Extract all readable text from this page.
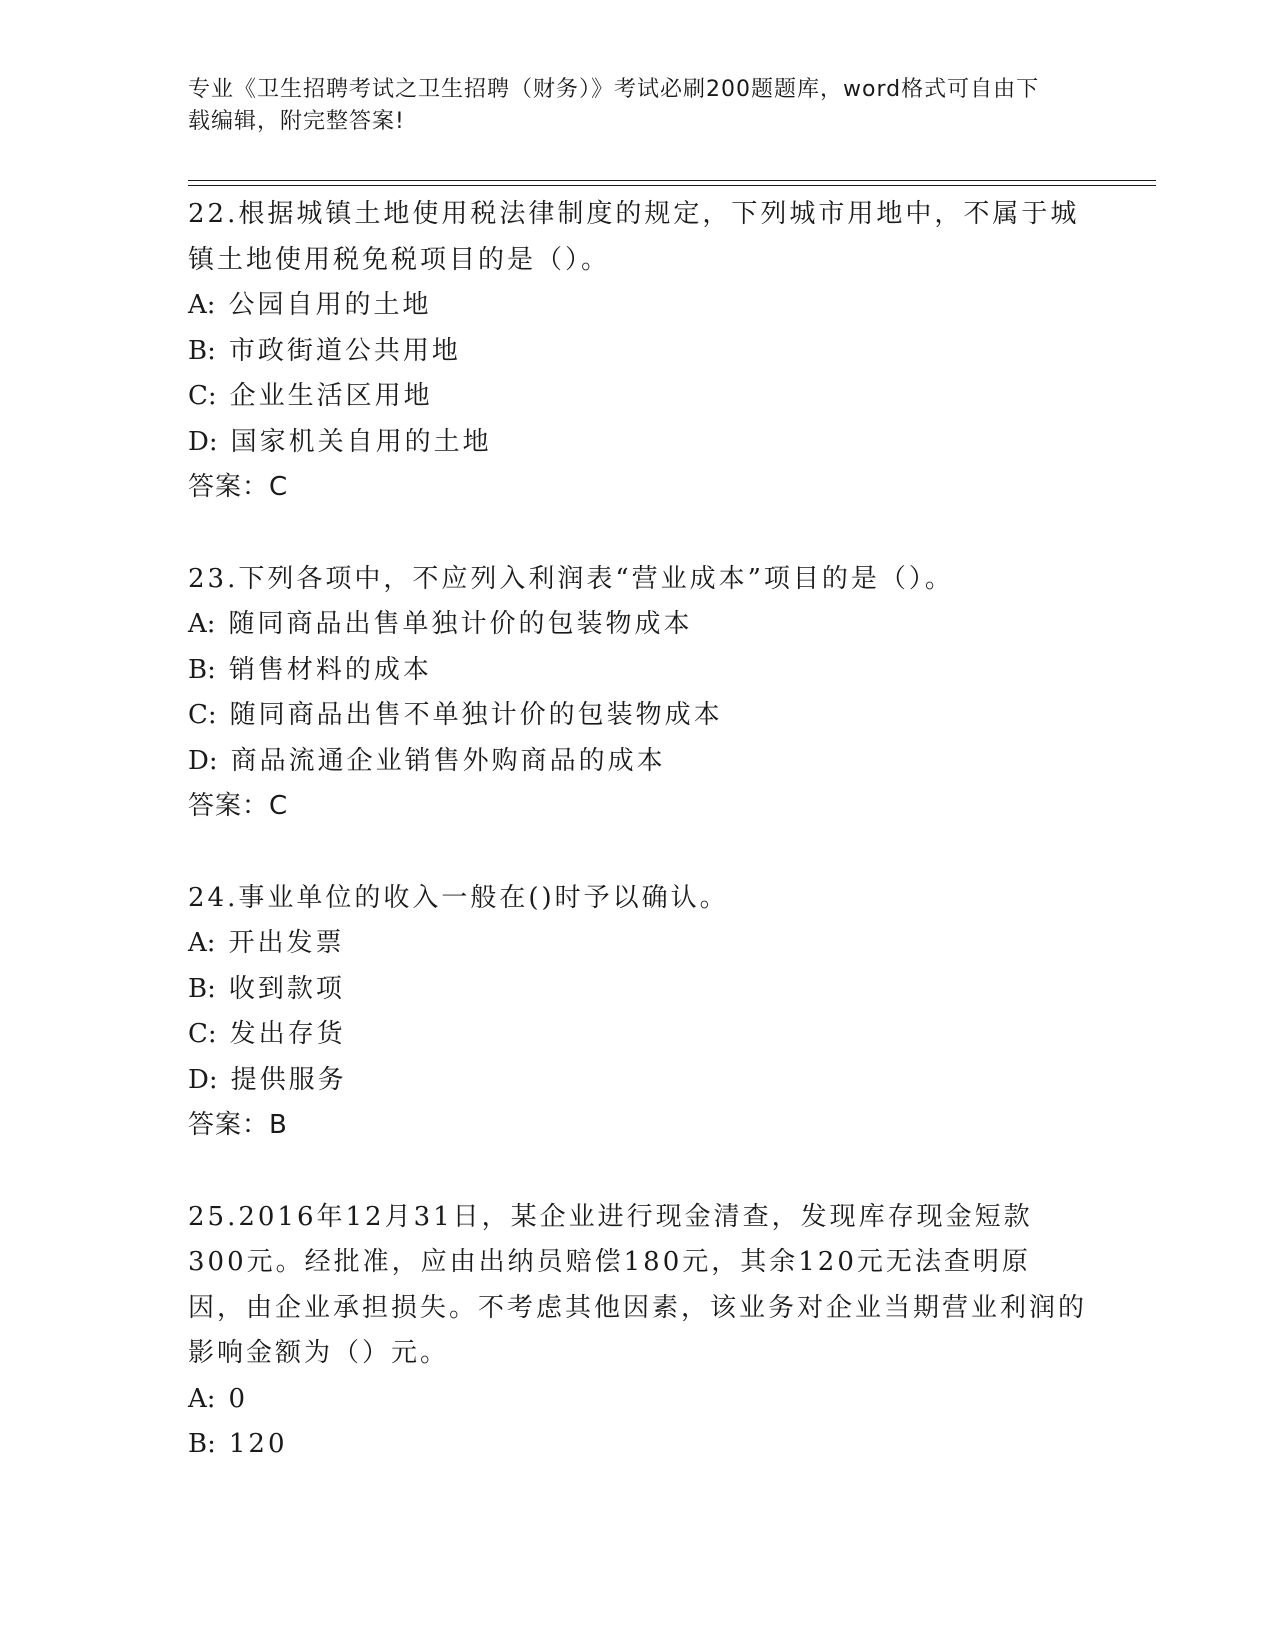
专业《卫生招聘考试之卫生招聘（财务）》考试必刷200题题库，word格式可自由下载编辑，附完整答案!

22.根据城镇土地使用税法律制度的规定，下列城市用地中，不属于城镇土地使用税免税项目的是（）。

A: 公园自用的土地

B: 市政街道公共用地

C: 企业生活区用地

D: 国家机关自用的土地

答案：C

23.下列各项中，不应列入利润表“营业成本”项目的是（）。

A: 随同商品出售单独计价的包装物成本

B: 销售材料的成本

C: 随同商品出售不单独计价的包装物成本

D: 商品流通企业销售外购商品的成本

答案：C

24.事业单位的收入一般在()时予以确认。

A: 开出发票

B: 收到款项

C: 发出存货

D: 提供服务

答案：B

25.2016年12月31日，某企业进行现金清查，发现库存现金短款300元。经批准，应由出纳员赔偿180元，其余120元无法查明原因，由企业承担损失。不考虑其他因素，该业务对企业当期营业利润的影响金额为（）元。

A: 0

B: 120
